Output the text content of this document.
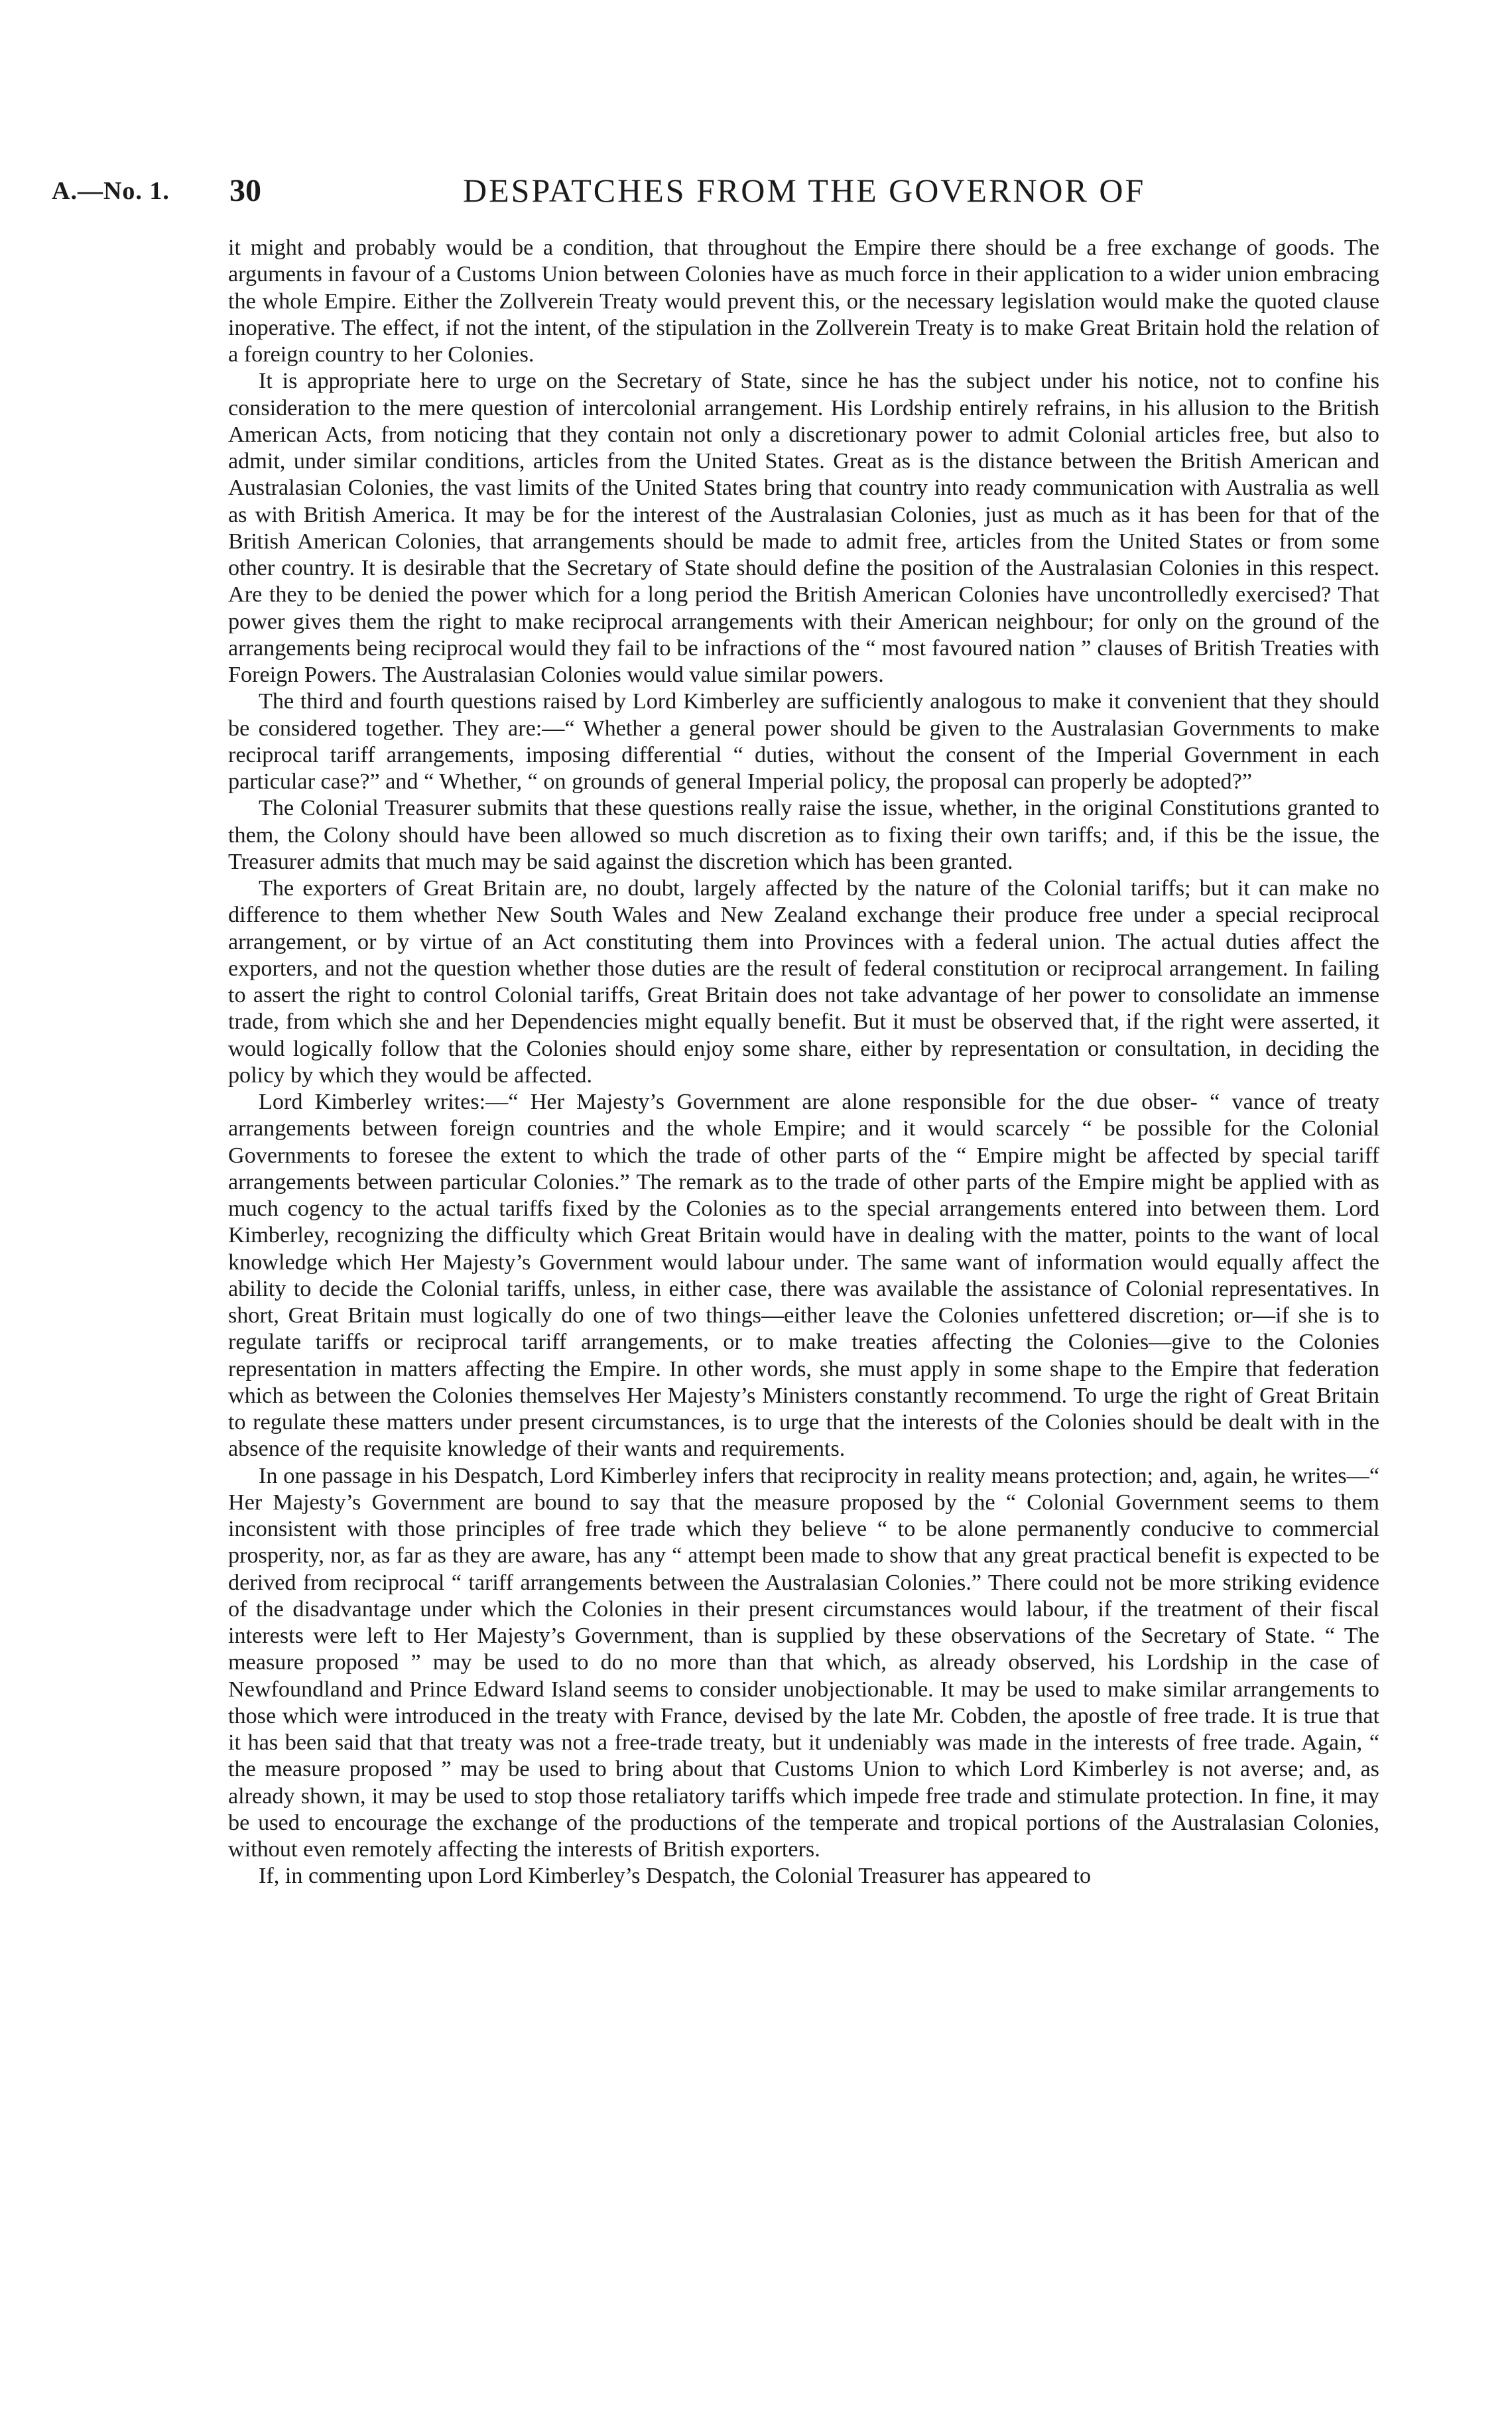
A.—No. 1. 30	DESPATCHES FROM THE GOVERNOR OF

it might and probably would be a condition, that throughout the Empire there should be a free exchange of goods. The arguments in favour of a Customs Union between Colonies have as much force in their application to a wider union embracing the whole Empire. Either the Zollverein Treaty would prevent this, or the necessary legislation would make the quoted clause inoperative. The effect, if not the intent, of the stipulation in the Zollverein Treaty is to make Great Britain hold the relation of a foreign country to her Colonies.

It is appropriate here to urge on the Secretary of State, since he has the subject under his notice, not to confine his consideration to the mere question of intercolonial arrangement. His Lordship entirely refrains, in his allusion to the British American Acts, from noticing that they contain not only a discretionary power to admit Colonial articles free, but also to admit, under similar conditions, articles from the United States. Great as is the distance between the British American and Australasian Colonies, the vast limits of the United States bring that country into ready communication with Australia as well as with British America. It may be for the interest of the Australasian Colonies, just as much as it has been for that of the British American Colonies, that arrangements should be made to admit free, articles from the United States or from some other country. It is desirable that the Secretary of State should define the position of the Australasian Colonies in this respect. Are they to be denied the power which for a long period the British American Colonies have uncontrolledly exercised? That power gives them the right to make reciprocal arrangements with their American neighbour; for only on the ground of the arrangements being reciprocal would they fail to be infractions of the “ most favoured nation ” clauses of British Treaties with Foreign Powers. The Australasian Colonies would value similar powers.

The third and fourth questions raised by Lord Kimberley are sufficiently analogous to make it convenient that they should be considered together. They are:—“ Whether a general power should be given to the Australasian Governments to make reciprocal tariff arrangements, imposing differential “ duties, without the consent of the Imperial Government in each particular case?” and “ Whether, “ on grounds of general Imperial policy, the proposal can properly be adopted?”

The Colonial Treasurer submits that these questions really raise the issue, whether, in the original Constitutions granted to them, the Colony should have been allowed so much discretion as to fixing their own tariffs; and, if this be the issue, the Treasurer admits that much may be said against the discretion which has been granted.

The exporters of Great Britain are, no doubt, largely affected by the nature of the Colonial tariffs; but it can make no difference to them whether New South Wales and New Zealand exchange their produce free under a special reciprocal arrangement, or by virtue of an Act constituting them into Provinces with a federal union. The actual duties affect the exporters, and not the question whether those duties are the result of federal constitution or reciprocal arrangement. In failing to assert the right to control Colonial tariffs, Great Britain does not take advantage of her power to consolidate an immense trade, from which she and her Dependencies might equally benefit. But it must be observed that, if the right were asserted, it would logically follow that the Colonies should enjoy some share, either by representation or consultation, in deciding the policy by which they would be affected.

Lord Kimberley writes:—“ Her Majesty’s Government are alone responsible for the due obser- “ vance of treaty arrangements between foreign countries and the whole Empire; and it would scarcely “ be possible for the Colonial Governments to foresee the extent to which the trade of other parts of the “ Empire might be affected by special tariff arrangements between particular Colonies.” The remark as to the trade of other parts of the Empire might be applied with as much cogency to the actual tariffs fixed by the Colonies as to the special arrangements entered into between them. Lord Kimberley, recognizing the difficulty which Great Britain would have in dealing with the matter, points to the want of local knowledge which Her Majesty’s Government would labour under. The same want of information would equally affect the ability to decide the Colonial tariffs, unless, in either case, there was available the assistance of Colonial representatives. In short, Great Britain must logically do one of two things—either leave the Colonies unfettered discretion; or—if she is to regulate tariffs or reciprocal tariff arrangements, or to make treaties affecting the Colonies—give to the Colonies representation in matters affecting the Empire. In other words, she must apply in some shape to the Empire that federation which as between the Colonies themselves Her Majesty’s Ministers constantly recommend. To urge the right of Great Britain to regulate these matters under present circumstances, is to urge that the interests of the Colonies should be dealt with in the absence of the requisite knowledge of their wants and requirements.

In one passage in his Despatch, Lord Kimberley infers that reciprocity in reality means protection; and, again, he writes—“ Her Majesty’s Government are bound to say that the measure proposed by the “ Colonial Government seems to them inconsistent with those principles of free trade which they believe “ to be alone permanently conducive to commercial prosperity, nor, as far as they are aware, has any “ attempt been made to show that any great practical benefit is expected to be derived from reciprocal “ tariff arrangements between the Australasian Colonies.” There could not be more striking evidence of the disadvantage under which the Colonies in their present circumstances would labour, if the treatment of their fiscal interests were left to Her Majesty’s Government, than is supplied by these observations of the Secretary of State. “ The measure proposed ” may be used to do no more than that which, as already observed, his Lordship in the case of Newfoundland and Prince Edward Island seems to consider unobjectionable. It may be used to make similar arrangements to those which were introduced in the treaty with France, devised by the late Mr. Cobden, the apostle of free trade. It is true that it has been said that that treaty was not a free-trade treaty, but it undeniably was made in the interests of free trade. Again, “ the measure proposed ” may be used to bring about that Customs Union to which Lord Kimberley is not averse; and, as already shown, it may be used to stop those retaliatory tariffs which impede free trade and stimulate protection. In fine, it may be used to encourage the exchange of the productions of the temperate and tropical portions of the Australasian Colonies, without even remotely affecting the interests of British exporters.

If, in commenting upon Lord Kimberley’s Despatch, the Colonial Treasurer has appeared to
